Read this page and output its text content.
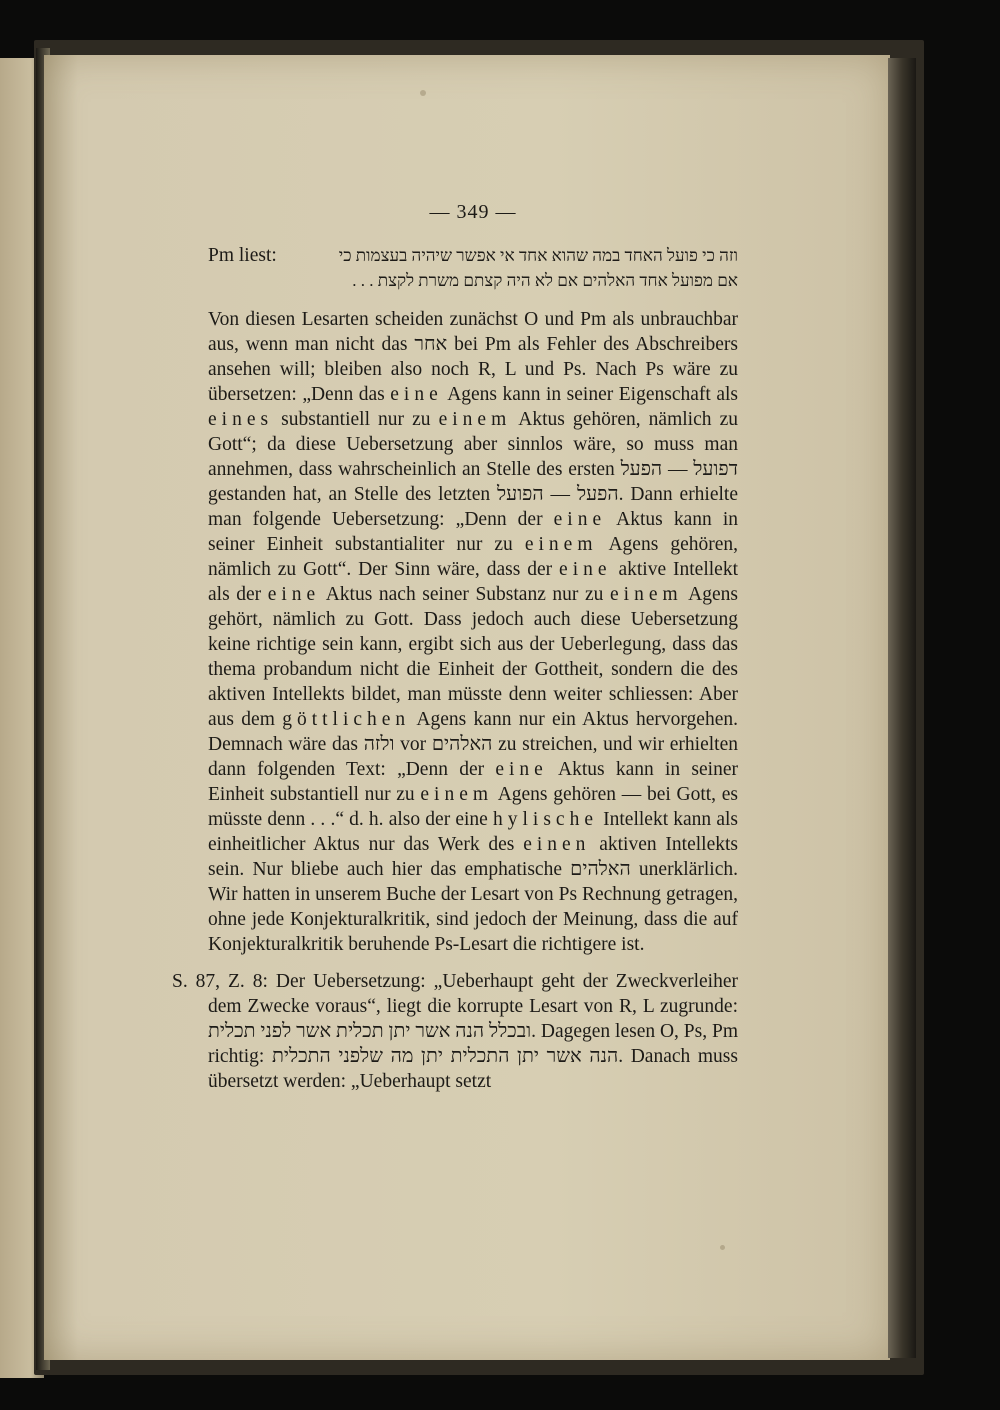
— 349 —
Pm liest:	וזה כי פועל האחד במה שהוא אחד אי אפשר שיהיה בעצמות כי
אם מפועל אחד האלהים אם לא היה קצתם משרת לקצת . . .

Von diesen Lesarten scheiden zunächst O und Pm als unbrauchbar aus, wenn man nicht das אחר bei Pm als Fehler des Abschreibers ansehen will; bleiben also noch R, L und Ps. Nach Ps wäre zu übersetzen: „Denn das eine Agens kann in seiner Eigenschaft als eines substantiell nur zu einem Aktus gehören, nämlich zu Gott“; da diese Uebersetzung aber sinnlos wäre, so muss man annehmen, dass wahrscheinlich an Stelle des ersten דפועל — הפעל gestanden hat, an Stelle des letzten הפעל — הפועל. Dann erhielte man folgende Uebersetzung: „Denn der eine Aktus kann in seiner Einheit substantialiter nur zu einem Agens gehören, nämlich zu Gott“. Der Sinn wäre, dass der eine aktive Intellekt als der eine Aktus nach seiner Substanz nur zu einem Agens gehört, nämlich zu Gott. Dass jedoch auch diese Uebersetzung keine richtige sein kann, ergibt sich aus der Ueberlegung, dass das thema probandum nicht die Einheit der Gottheit, sondern die des aktiven Intellekts bildet, man müsste denn weiter schliessen: Aber aus dem göttlichen Agens kann nur ein Aktus hervorgehen. Demnach wäre das ולזה vor האלהים zu streichen, und wir erhielten dann folgenden Text: „Denn der eine Aktus kann in seiner Einheit substantiell nur zu einem Agens gehören — bei Gott, es müsste denn . . .“ d. h. also der eine hylische Intellekt kann als einheitlicher Aktus nur das Werk des einen aktiven Intellekts sein. Nur bliebe auch hier das emphatische האלהים unerklärlich. Wir hatten in unserem Buche der Lesart von Ps Rechnung getragen, ohne jede Konjekturalkritik, sind jedoch der Meinung, dass die auf Konjekturalkritik beruhende Ps-Lesart die richtigere ist.

S. 87, Z. 8: Der Uebersetzung: „Ueberhaupt geht der Zweckverleiher dem Zwecke voraus“, liegt die korrupte Lesart von R, L zugrunde: ובכלל הנה אשר יתן תכלית אשר לפני תכלית. Dagegen lesen O, Ps, Pm richtig: הנה אשר יתן התכלית יתן מה שלפני התכלית. Danach muss übersetzt werden: „Ueberhaupt setzt
